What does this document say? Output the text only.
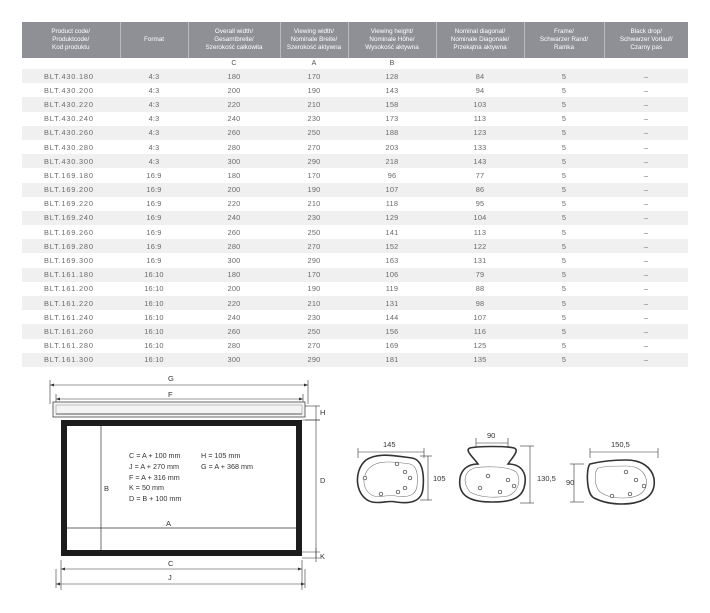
Product code/
Produktcode/
Kod produktu	Format	Overall width/
Gesamtbreite/
Szerokość całkowita	Viewing width/
Nominale Breite/
Szerokość aktywna	Viewing height/
Nominale Höhe/
Wysokość aktywna	Nominal diagonal/
Nominale Diagonale/
Przekątna aktywna	Frame/
Schwarzer Rand/
Ramka	Black drop/
Schwarzer Vorlauf/
Czarny pas
		C	A	B			
BLT.430.180	4:3	180	170	128	84	5	–
BLT.430.200	4:3	200	190	143	94	5	–
BLT.430.220	4:3	220	210	158	103	5	–
BLT.430.240	4:3	240	230	173	113	5	–
BLT.430.260	4:3	260	250	188	123	5	–
BLT.430.280	4:3	280	270	203	133	5	–
BLT.430.300	4:3	300	290	218	143	5	–
BLT.169.180	16:9	180	170	96	77	5	–
BLT.169.200	16:9	200	190	107	86	5	–
BLT.169.220	16:9	220	210	118	95	5	–
BLT.169.240	16:9	240	230	129	104	5	–
BLT.169.260	16:9	260	250	141	113	5	–
BLT.169.280	16:9	280	270	152	122	5	–
BLT.169.300	16:9	300	290	163	131	5	–
BLT.161.180	16:10	180	170	106	79	5	–
BLT.161.200	16:10	200	190	119	88	5	–
BLT.161.220	16:10	220	210	131	98	5	–
BLT.161.240	16:10	240	230	144	107	5	–
BLT.161.260	16:10	260	250	156	116	5	–
BLT.161.280	16:10	280	270	169	125	5	–
BLT.161.300	16:10	300	290	181	135	5	–
G
F
H
D
B
A
K
C
J
C = A + 100 mm
J = A + 270 mm
F = A + 316 mm
K = 50 mm
D = B + 100 mm
H = 105 mm
G = A + 368 mm
145
105
90
130,5
150,5
90
